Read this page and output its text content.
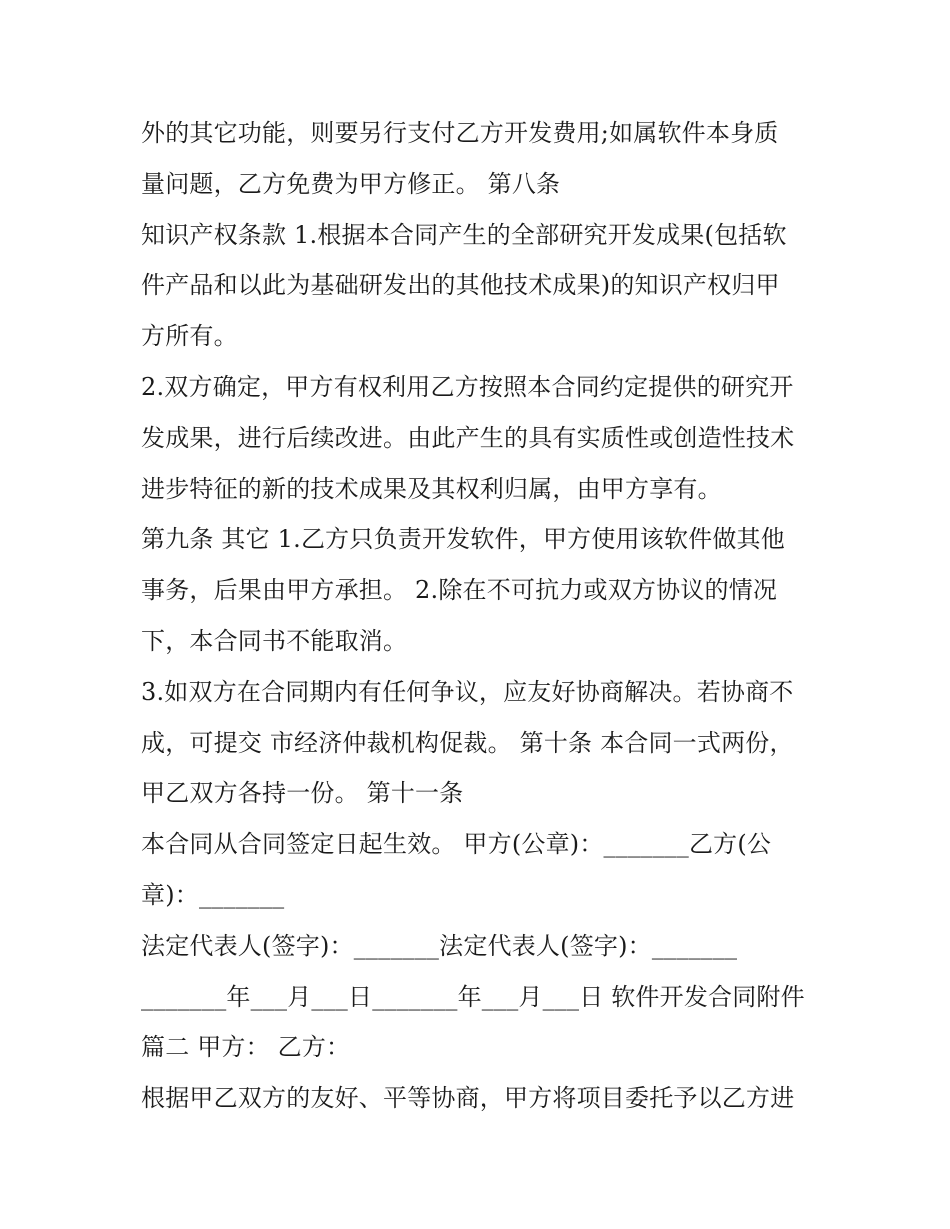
外的其它功能，则要另行支付乙方开发费用;如属软件本身质
量问题，乙方免费为甲方修正。 第八条
知识产权条款 1.根据本合同产生的全部研究开发成果(包括软
件产品和以此为基础研发出的其他技术成果)的知识产权归甲
方所有。
2.双方确定，甲方有权利用乙方按照本合同约定提供的研究开
发成果，进行后续改进。由此产生的具有实质性或创造性技术
进步特征的新的技术成果及其权利归属，由甲方享有。
第九条 其它 1.乙方只负责开发软件，甲方使用该软件做其他
事务，后果由甲方承担。 2.除在不可抗力或双方协议的情况
下，本合同书不能取消。
3.如双方在合同期内有任何争议，应友好协商解决。若协商不
成，可提交 市经济仲裁机构促裁。 第十条 本合同一式两份，
甲乙双方各持一份。 第十一条
本合同从合同签定日起生效。 甲方(公章)：_______乙方(公
章)：_______
法定代表人(签字)：_______法定代表人(签字)：_______
_______年___月___日_______年___月___日 软件开发合同附件
篇二 甲方： 乙方：
根据甲乙双方的友好、平等协商，甲方将项目委托予以乙方进
